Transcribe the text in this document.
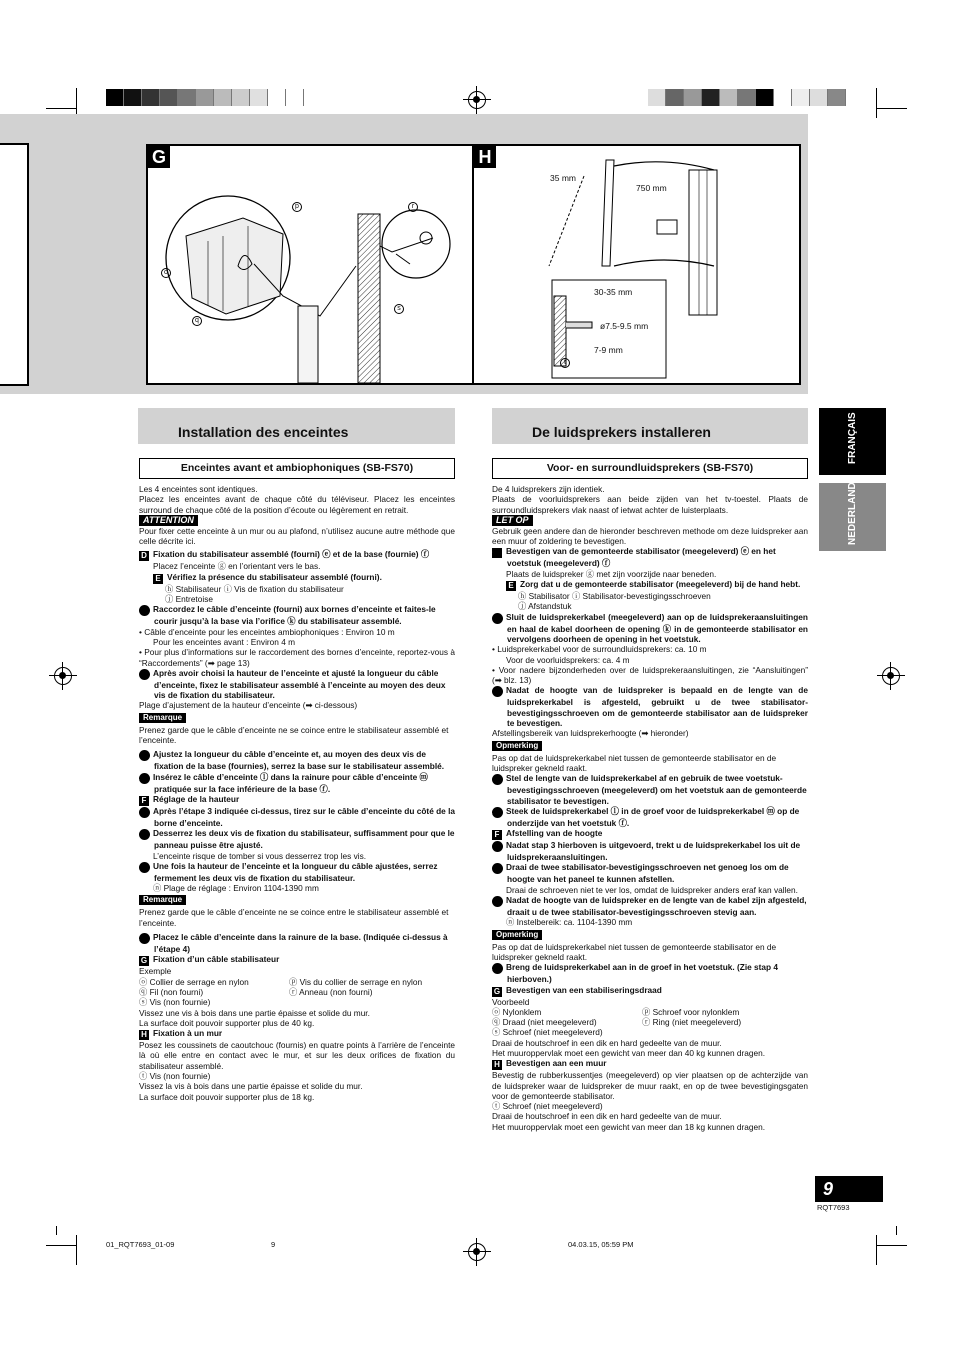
G
p	r
o
s
q
H
35 mm
750 mm
30-35 mm
ø7.5-9.5 mm
7-9 mm
t
Installation des enceintes	De luidsprekers installeren
Enceintes avant et ambiophoniques (SB-FS70)	Voor- en surroundluidsprekers (SB-FS70)
FRANÇAIS
NEDERLANDS

Les 4 enceintes sont identiques.

Placez les enceintes avant de chaque côté du téléviseur. Placez les enceintes surround de chaque côté de la position d’écoute ou légèrement en retrait.

ATTENTION

Pour fixer cette enceinte à un mur ou au plafond, n’utilisez aucune autre méthode que celle décrite ici.

D Fixation du stabilisateur assemblé (fourni) ⓔ et de la base (fournie) ⓕ

Placez l’enceinte ⓖ en l’orientant vers le bas.

E Vérifiez la présence du stabilisateur assemblé (fourni).

ⓗ Stabilisateur ⓘ Vis de fixation du stabilisateur

ⓙ Entretoise

1 Raccordez le câble d’enceinte (fourni) aux bornes d’enceinte et faites-le courir jusqu’à la base via l’orifice ⓚ du stabilisateur assemblé.

• Câble d’enceinte pour les enceintes ambiophoniques : Environ 10 m

Pour les enceintes avant : Environ 4 m

• Pour plus d’informations sur le raccordement des bornes d’enceinte, reportez-vous à “Raccordements” (➡ page 13)

2 Après avoir choisi la hauteur de l’enceinte et ajusté la longueur du câble d’enceinte, fixez le stabilisateur assemblé à l’enceinte au moyen des deux vis de fixation du stabilisateur.

Plage d’ajustement de la hauteur d’enceinte (➡ ci-dessous)

Remarque

Prenez garde que le câble d’enceinte ne se coince entre le stabilisateur assemblé et l’enceinte.

3 Ajustez la longueur du câble d’enceinte et, au moyen des deux vis de fixation de la base (fournies), serrez la base sur le stabilisateur assemblé.

4 Insérez le câble d’enceinte ⓛ dans la rainure pour câble d’enceinte ⓜ pratiquée sur la face inférieure de la base ⓕ.

F Réglage de la hauteur

1 Après l’étape 3 indiquée ci-dessus, tirez sur le câble d’enceinte du côté de la borne d’enceinte.

2 Desserrez les deux vis de fixation du stabilisateur, suffisamment pour que le panneau puisse être ajusté.

L’enceinte risque de tomber si vous desserrez trop les vis.

3 Une fois la hauteur de l’enceinte et la longueur du câble ajustées, serrez fermement les deux vis de fixation du stabilisateur.

ⓝ Plage de réglage : Environ 1104-1390 mm

Remarque

Prenez garde que le câble d’enceinte ne se coince entre le stabilisateur assemblé et l’enceinte.

4 Placez le câble d’enceinte dans la rainure de la base. (Indiquée ci-dessus à l’étape 4)

G Fixation d’un câble stabilisateur

Exemple

ⓞ Collier de serrage en nylon	ⓟ Vis du collier de serrage en nylon

ⓠ Fil (non fourni)	ⓡ Anneau (non fourni)

ⓢ Vis (non fournie)

Vissez une vis à bois dans une partie épaisse et solide du mur.

La surface doit pouvoir supporter plus de 40 kg.

H Fixation à un mur

Posez les coussinets de caoutchouc (fournis) en quatre points à l’arrière de l’enceinte là où elle entre en contact avec le mur, et sur les deux orifices de fixation du stabilisateur assemblé.

ⓣ Vis (non fournie)

Vissez la vis à bois dans une partie épaisse et solide du mur.

La surface doit pouvoir supporter plus de 18 kg.

De 4 luidsprekers zijn identiek.

Plaats de voorluidsprekers aan beide zijden van het tv-toestel. Plaats de surroundluidsprekers vlak naast of ietwat achter de luisterplaats.

LET OP

Gebruik geen andere dan de hieronder beschreven methode om deze luidspreker aan een muur of zoldering te bevestigen.

D Bevestigen van de gemonteerde stabilisator (meegeleverd) ⓔ en het voetstuk (meegeleverd) ⓕ

Plaats de luidspreker ⓖ met zijn voorzijde naar beneden.

E Zorg dat u de gemonteerde stabilisator (meegeleverd) bij de hand hebt.

ⓗ Stabilisator ⓘ Stabilisator-bevestigingsschroeven

ⓙ Afstandstuk

1 Sluit de luidsprekerkabel (meegeleverd) aan op de luidsprekeraansluitingen en haal de kabel doorheen de opening ⓚ in de gemonteerde stabilisator en vervolgens doorheen de opening in het voetstuk.

• Luidsprekerkabel voor de surroundluidsprekers: ca. 10 m

Voor de voorluidsprekers: ca. 4 m

• Voor nadere bijzonderheden over de luidsprekeraansluitingen, zie “Aansluitingen” (➡ blz. 13)

2 Nadat de hoogte van de luidspreker is bepaald en de lengte van de luidsprekerkabel is afgesteld, gebruikt u de twee stabilisator-bevestigingsschroeven om de gemonteerde stabilisator aan de luidspreker te bevestigen.

Afstellingsbereik van luidsprekerhoogte (➡ hieronder)

Opmerking

Pas op dat de luidsprekerkabel niet tussen de gemonteerde stabilisator en de luidspreker gekneld raakt.

3 Stel de lengte van de luidsprekerkabel af en gebruik de twee voetstuk-bevestigingsschroeven (meegeleverd) om het voetstuk aan de gemonteerde stabilisator te bevestigen.

4 Steek de luidsprekerkabel ⓛ in de groef voor de luidsprekerkabel ⓜ op de onderzijde van het voetstuk ⓕ.

F Afstelling van de hoogte

1 Nadat stap 3 hierboven is uitgevoerd, trekt u de luidsprekerkabel los uit de luidsprekeraansluitingen.

2 Draai de twee stabilisator-bevestigingsschroeven net genoeg los om de hoogte van het paneel te kunnen afstellen.

Draai de schroeven niet te ver los, omdat de luidspreker anders eraf kan vallen.

3 Nadat de hoogte van de luidspreker en de lengte van de kabel zijn afgesteld, draait u de twee stabilisator-bevestigingsschroeven stevig aan.

ⓝ Instelbereik: ca. 1104-1390 mm

Opmerking

Pas op dat de luidsprekerkabel niet tussen de gemonteerde stabilisator en de luidspreker gekneld raakt.

4 Breng de luidsprekerkabel aan in de groef in het voetstuk. (Zie stap 4 hierboven.)

G Bevestigen van een stabiliseringsdraad

Voorbeeld

ⓞ Nylonklem	ⓟ Schroef voor nylonklem

ⓠ Draad (niet meegeleverd)	ⓡ Ring (niet meegeleverd)

ⓢ Schroef (niet meegeleverd)

Draai de houtschroef in een dik en hard gedeelte van de muur.

Het muuroppervlak moet een gewicht van meer dan 40 kg kunnen dragen.

H Bevestigen aan een muur

Bevestig de rubberkussentjes (meegeleverd) op vier plaatsen op de achterzijde van de luidspreker waar de luidspreker de muur raakt, en op de twee bevestigingsgaten voor de gemonteerde stabilisator.

ⓣ Schroef (niet meegeleverd)

Draai de houtschroef in een dik en hard gedeelte van de muur.

Het muuroppervlak moet een gewicht van meer dan 18 kg kunnen dragen.

9
RQT7693
01_RQT7693_01-09	9	04.03.15, 05:59 PM
